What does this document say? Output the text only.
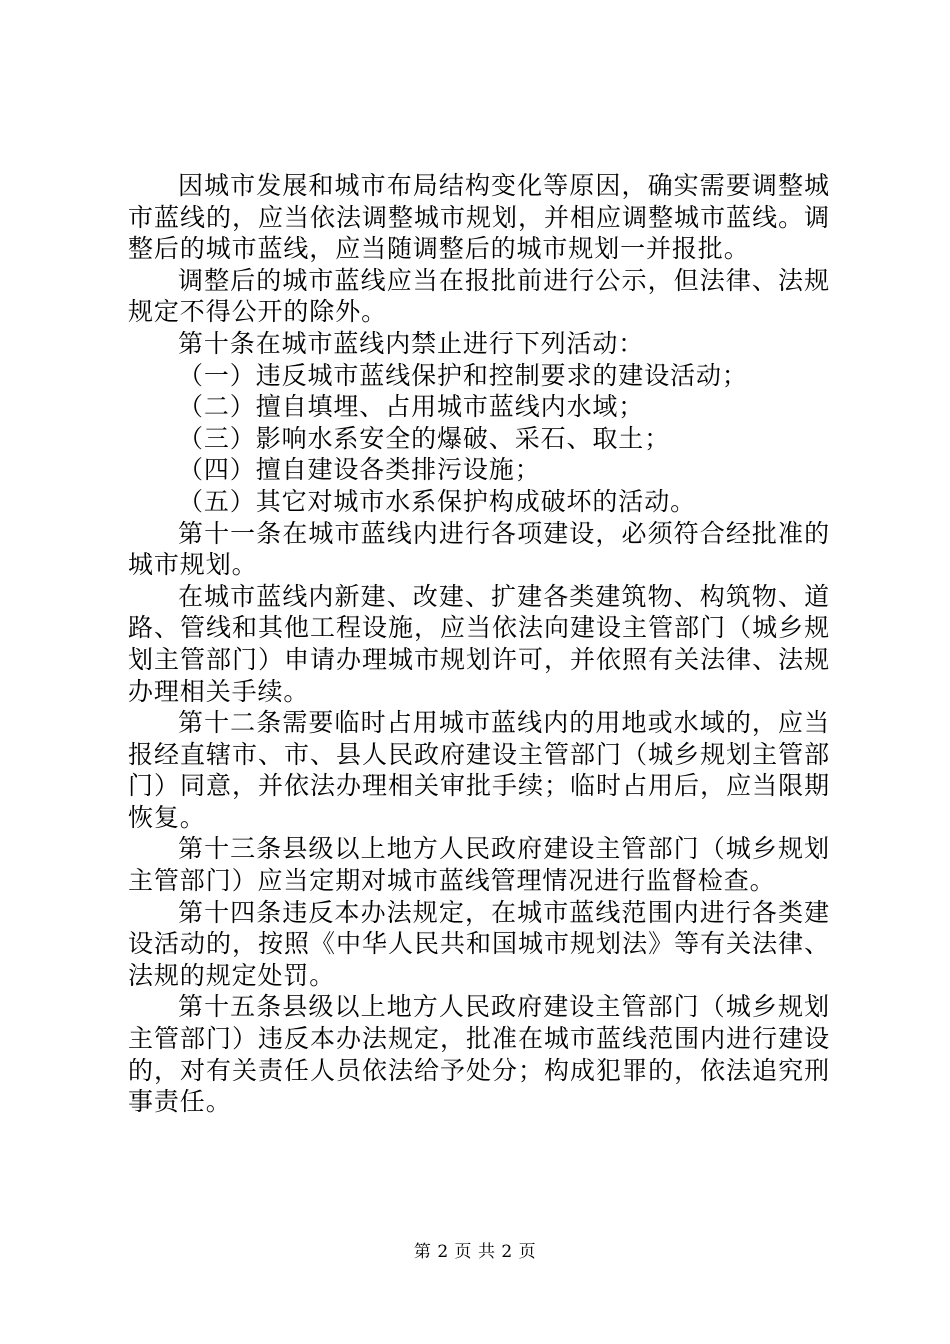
因城市发展和城市布局结构变化等原因，确实需要调整城市蓝线的，应当依法调整城市规划，并相应调整城市蓝线。调整后的城市蓝线，应当随调整后的城市规划一并报批。

调整后的城市蓝线应当在报批前进行公示，但法律、法规规定不得公开的除外。

第十条在城市蓝线内禁止进行下列活动：

（一）违反城市蓝线保护和控制要求的建设活动；

（二）擅自填埋、占用城市蓝线内水域；

（三）影响水系安全的爆破、采石、取土；

（四）擅自建设各类排污设施；

（五）其它对城市水系保护构成破坏的活动。

第十一条在城市蓝线内进行各项建设，必须符合经批准的城市规划。

在城市蓝线内新建、改建、扩建各类建筑物、构筑物、道路、管线和其他工程设施，应当依法向建设主管部门（城乡规划主管部门）申请办理城市规划许可，并依照有关法律、法规办理相关手续。

第十二条需要临时占用城市蓝线内的用地或水域的，应当报经直辖市、市、县人民政府建设主管部门（城乡规划主管部门）同意，并依法办理相关审批手续；临时占用后，应当限期恢复。

第十三条县级以上地方人民政府建设主管部门（城乡规划主管部门）应当定期对城市蓝线管理情况进行监督检查。

第十四条违反本办法规定，在城市蓝线范围内进行各类建设活动的，按照《中华人民共和国城市规划法》等有关法律、法规的规定处罚。

第十五条县级以上地方人民政府建设主管部门（城乡规划主管部门）违反本办法规定，批准在城市蓝线范围内进行建设的，对有关责任人员依法给予处分；构成犯罪的，依法追究刑事责任。

第 2 页 共 2 页
